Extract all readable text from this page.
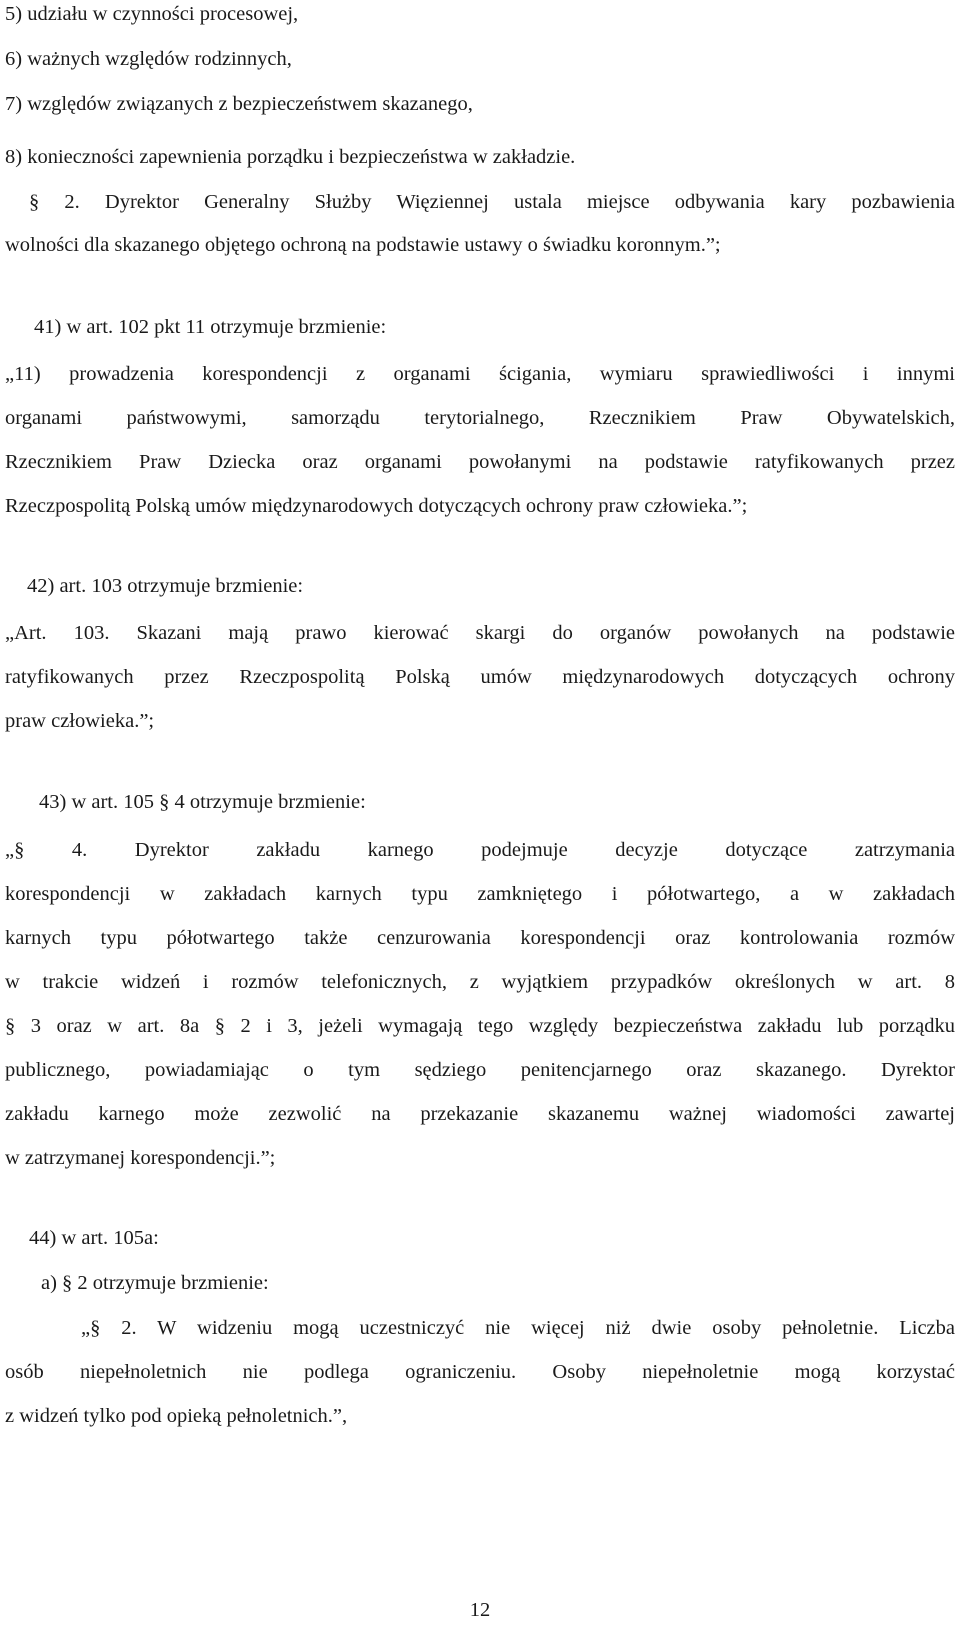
5) udziału w czynności procesowej,
6) ważnych względów rodzinnych,
7) względów związanych z bezpieczeństwem skazanego,
8) konieczności zapewnienia porządku i bezpieczeństwa w zakładzie.
§ 2. Dyrektor Generalny Służby Więziennej ustala miejsce odbywania kary pozbawienia
wolności dla skazanego objętego ochroną na podstawie ustawy o świadku koronnym.”;
41) w art. 102 pkt 11 otrzymuje brzmienie:
„11) prowadzenia korespondencji z organami ścigania, wymiaru sprawiedliwości i innymi
organami państwowymi, samorządu terytorialnego, Rzecznikiem Praw Obywatelskich,
Rzecznikiem Praw Dziecka oraz organami powołanymi na podstawie ratyfikowanych przez
Rzeczpospolitą Polską umów międzynarodowych dotyczących ochrony praw człowieka.”;
42) art. 103 otrzymuje brzmienie:
„Art. 103. Skazani mają prawo kierować skargi do organów powołanych na podstawie
ratyfikowanych przez Rzeczpospolitą Polską umów międzynarodowych dotyczących ochrony
praw człowieka.”;
43) w art. 105 § 4 otrzymuje brzmienie:
„§ 4. Dyrektor zakładu karnego podejmuje decyzje dotyczące zatrzymania
korespondencji w zakładach karnych typu zamkniętego i półotwartego, a w zakładach
karnych typu półotwartego także cenzurowania korespondencji oraz kontrolowania rozmów
w trakcie widzeń i rozmów telefonicznych, z wyjątkiem przypadków określonych w art. 8
§ 3 oraz w art. 8a § 2 i 3, jeżeli wymagają tego względy bezpieczeństwa zakładu lub porządku
publicznego, powiadamiając o tym sędziego penitencjarnego oraz skazanego. Dyrektor
zakładu karnego może zezwolić na przekazanie skazanemu ważnej wiadomości zawartej
w zatrzymanej korespondencji.”;
44) w art. 105a:
a) § 2 otrzymuje brzmienie:
„§ 2. W widzeniu mogą uczestniczyć nie więcej niż dwie osoby pełnoletnie. Liczba
osób niepełnoletnich nie podlega ograniczeniu. Osoby niepełnoletnie mogą korzystać
z widzeń tylko pod opieką pełnoletnich.”,
12
